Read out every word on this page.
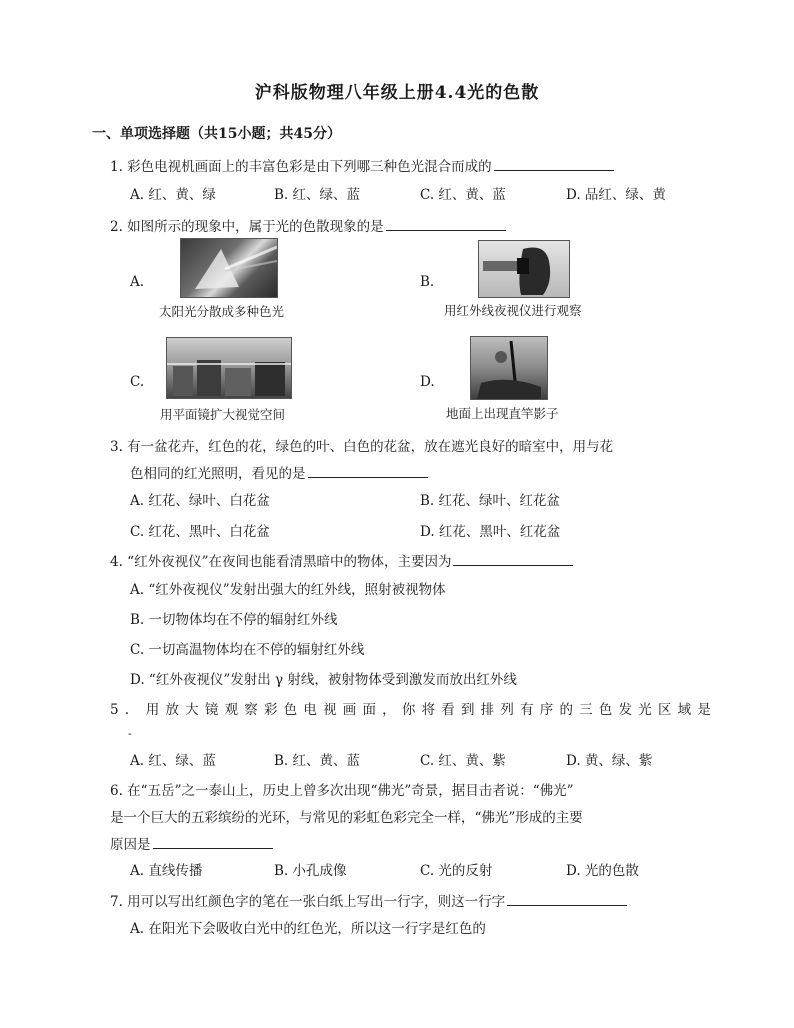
沪科版物理八年级上册4.4光的色散
一、单项选择题（共15小题；共45分）
1. 彩色电视机画面上的丰富色彩是由下列哪三种色光混合而成的
A. 红、黄、绿	B. 红、绿、蓝	C. 红、黄、蓝	D. 品红、绿、黄
2. 如图所示的现象中，属于光的色散现象的是
A.
太阳光分散成多种色光
B.
用红外线夜视仪进行观察
C.
用平面镜扩大视觉空间
D.
地面上出现直竿影子
3. 有一盆花卉，红色的花，绿色的叶、白色的花盆，放在遮光良好的暗室中，用与花
色相同的红光照明，看见的是
A. 红花、绿叶、白花盆	B. 红花、绿叶、红花盆
C. 红花、黑叶、白花盆	D. 红花、黑叶、红花盆
4. “红外夜视仪”在夜间也能看清黑暗中的物体，主要因为
A. “红外夜视仪”发射出强大的红外线，照射被视物体
B. 一切物体均在不停的辐射红外线
C. 一切高温物体均在不停的辐射红外线
D. “红外夜视仪”发射出 γ 射线，被射物体受到激发而放出红外线
5. 用放大镜观察彩色电视画面，你将看到排列有序的三色发光区域是
-
A. 红、绿、蓝	B. 红、黄、蓝	C. 红、黄、紫	D. 黄、绿、紫
6. 在“五岳”之一泰山上，历史上曾多次出现“佛光”奇景，据目击者说：“佛光”
是一个巨大的五彩缤纷的光环，与常见的彩虹色彩完全一样，“佛光”形成的主要
原因是
A. 直线传播	B. 小孔成像	C. 光的反射	D. 光的色散
7. 用可以写出红颜色字的笔在一张白纸上写出一行字，则这一行字
A. 在阳光下会吸收白光中的红色光，所以这一行字是红色的
